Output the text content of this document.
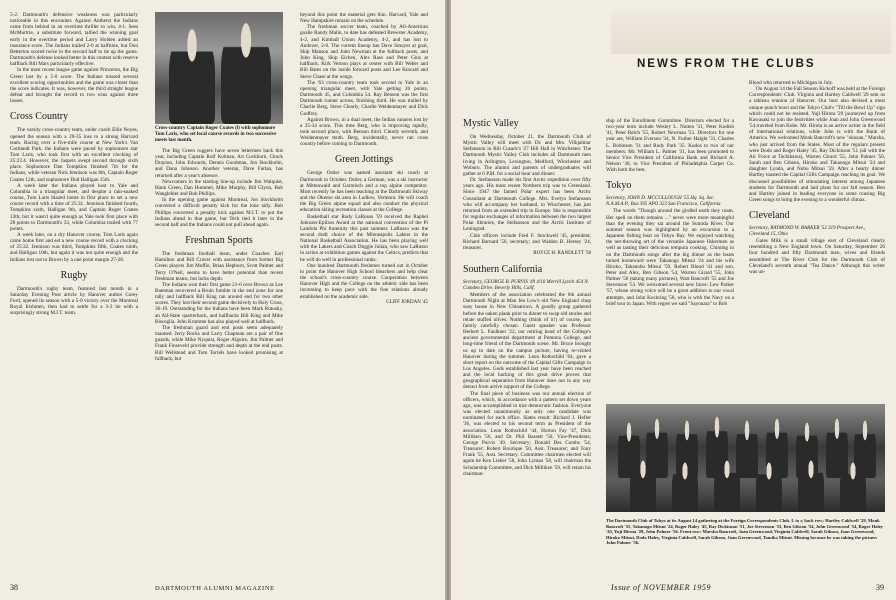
5-2. Dartmouth's defensive weakness was particularly noticeable in this encounter. Against Amherst the Indians came from behind in an overtime thriller to win, 4-1. Sees McMurtrie, a substitute forward, tallied the winning goal early in the overtime period and Larry Holden added an insurance score. The Indians trailed 2-0 at halftime, but Don Betterton scored twice in the second half to tie up the game. Dartmouth's defense looked better in this contest with reserve halfback Bill Mars particularly effective.

In the most recent league game against Princeton, the Big Green lost by a 5-0 score. The Indians missed several excellent scoring opportunities and the game was closer than the score indicates. It was, however, the third straight league defeat and brought the record to two wins against three losses.

Cross Country

The varsity cross-country team, under coach Ellie Noyes, opened the season with a 20-35 loss to a strong Harvard team. Racing over a five-mile course at New York's Van Cortlandt Park, the Indians were paced by sophomore star Tom Laris, who took first with an excellent clocking of 25:23.4. However, the Jaspers swept second through sixth place. Sophomore Dan Tompkins finished 7th for the Indians, while veteran Nick Jennison was 8th, Captain Roger Coates 12th, and sophomore Dud Halligan 15th.

A week later the Indians played host to Yale and Columbia in a triangular meet, and despite a rain-soaked course, Tom Laris blazed home in first place to set a new course record with a time of 25:31. Jennison finished fourth, Tompkins sixth, Halligan 9th, and Captain Roger Coates 13th; but it wasn't quite enough as Yale took first place with 28 points to Dartmouth's 33, while Columbia trailed with 77 points.

A week later, on a dry Hanover course, Tom Laris again came home first and set a new course record with a clocking of 25:32. Jennison was third, Tompkins fifth, Coates ninth, and Halligan 10th, but again it was not quite enough and the Indians lost out to Brown by a one point margin 27-28.

Rugby

Dartmouth's rugby team, featured last month in a Saturday Evening Post article by Hanover author Corey Ford, opened its season with a 5-0 victory over the Montreal Royal Irishmen, then had to settle for a 3-3 tie with a surprisingly strong M.I.T. team.

Cross-country Captain Roger Coates (l) with sophomore Tom Laris, who set local course records in two successive meets last month.

The Big Green ruggers have seven lettermen back this year, including Captain Rolf Kolman, Art Cockburn, Chuck Drayton, John Edwards, Dennis Goodman, Jon Stockholm, and Dana Johnson. Another veteran, Dave Farlan, has returned after a year's absence.

Newcomers in the starting line-up include Jim Walquist, Hank Green, Dan Hummel, Mike Murphy, Bill Glynn, Bob Wanglehler and Bob Phillips.

In the opening game against Montreal, Jon Stockholm converted a difficult penalty kick for the lone tally. Bob Phillips converted a penalty kick against M.I.T. to put the Indians ahead in that game, but Tech tied it later in the second half and the Indians could not pull ahead again.

Freshman Sports

The freshman football team, under Coaches Earl Hamilton and Bill Craver with assistance from former Big Green players Jim Moffie, Brian Hepburn, Scott Palmer and Terry O'Neil, seems to have better potential than recent freshman teams, but lacks depth.

The Indians won their first game 21-6 over Brown as Lee Bateman recovered a Bruin fumble in the end zone for one tally and halfback Bill King ran around end for two other scores. They lost their second game decisively to Holy Cross, 36-19. Outstanding for the Indians have been Mark Rutosky, an All-State quarterback, and halfbacks Bill King and Mike Bisceglia. John Krumme has also played well at halfback.

The freshman guard and end posts seem adequately manned. Jerry Rocks and Larry Chapman are a pair of fine guards, while Mike Nyquist, Roger Alguire, Jim Palmer and Frank Finseveld provide strength and depth at the end posts. Bill Wellstead and Tom Torrels have looked promising at fullback, but

beyond this point the material gets thin. Harvard, Yale and New Hampshire remain on the schedule.

The freshman soccer team, coached by All-American goalie Randy Malin, to date has defeated Brewster Academy, 4-2, and Kimball Union Academy, 4-2, and has lost to Andover, 2-0. The current lineup has Dave Smoyer at goal, Skip Manson and John Newman at the fullback posts, and John King, Skip Eichen, Alex Rass and Peter Gins at halfback. Kirk Vernon plays at center with Bill Weber and Bill Bates on the inside forward posts and Lee Kincaid and Steve Chase at the wings.

The '63 cross-country team took second to Yale in an opening triangular meet, with Yale getting 26 points, Dartmouth 45, and Columbia 54. Ray Benson was the first Dartmouth runner across, finishing third. He was trailed by Charlie Berg, Steve Clearly, Charlie Weidenmayer and Dick Godfrey.

Against Brown, in a dual meet, the Indian runners lost by a 25-34 score. This time Berg, who is improving rapidly, took second place, with Benson third. Clearly seventh, and Weidenmayer tenth. Berg, incidentally, never ran cross country before coming to Dartmouth.

Green Jottings

George Ostler was named assistant ski coach at Dartmouth in October. Ostler, a German, was a ski instructor at Mittenwald and Garmisch and a top alpine competitor. Most recently he has been teaching at the Dartmouth Skiway and the Okemo ski area in Ludlow, Vermont. He will coach the Big Green alpine squad and also conduct the physical education skiing recreation classes at the College.

Basketball star Rudy LaRusso '59 received the Raphel Johnson-Epilion Award at the national convention of the Pi Lambda Phi fraternity this past summer. LaRusso was the second draft choice of the Minneapolis Lakers in the National Basketball Association. He has been playing well with the Lakers and Coach Doggie Julian, who saw LaRusso in action at exhibition games against the Celtics, predicts that he will do well in professional ranks.

One hundred Dartmouth freshmen turned out in October to point the Hanover High School bleachers and help clear the school's cross-country course. Cooperation between Hanover High and the College on the athletic side has been increasing to keep pace with the fine relations already established on the academic side.

CLIFF JORDAN '45

38	DARTMOUTH ALUMNI MAGAZINE
NEWS FROM THE CLUBS
Mystic Valley

On Wednesday, October 21, the Dartmouth Club of Mystic Valley will meet with Dr. and Mrs. Vilhjalmur Stefansson in Bill Cusack's '27 Hill Hall in Winchester. The Dartmouth Mystic Valley Club includes all Dartmouth men living in Arlington, Lexington, Medford, Winchester and Woburn. The alumni and parents of undergraduates will gather at 6 P.M. for a social hour and dinner.

Dr. Stefansson made his first Arctic expedition over fifty years ago. His most recent Northern trip was to Greenland. Since 1947 the famed Polar expert has been Arctic Consultant at Dartmouth College. Mrs. Evelyn Stefansson who will accompany her husband, to Winchester, has just returned from an extended trip to Europe. She is responsible for regular exchanges of information between the two largest Polar libraries, the Stefansson and the Arctic Institute of Leningrad.

Club officers include Fred F. Stockwell '45, president; Richard Barnard '50, secretary; and Waldon B. Hersey '24, treasurer.

ROYCE H. RANDLETT '58

Southern California

Secretary, GEORGE B. PURVIS '49 4/10 Merrill Lynch 454 N. Camden Drive, Beverly Hills, Calif.

Members of the association celebrated the 6th annual Dartmouth Night at Man Jen Low's old New England chop suey house in New Chinatown. A goodly group gathered before the oaken plank prior to dinner to swap old stories and relate stuffed olives. Nothing (think of it!) of course, just family carefully chosen. Guest speaker was Professor Herbert L. Faulkner '22, our retiring head of the College's ancient governmental department at Pomona College, and long-time friend of the Dartmouth scene. Mr. Bruce brought us up to date on the campus picture, having re-visited Hanover during the summer. Leon Rothschild '64, gave a short report on the outcome of the Capital Gifts Campaign in Los Angeles. Gods established last year have been reached and the local backing of this great drive proves that geographical separation from Hanover does not in any way detract from active support of the College.

The final piece of business was our annual election of officers, which, in accordance with a pattern set down years ago, was accomplished in true democratic fashion. Everyone was elected unanimously as only one candidate was nominated for each office. Slates result: Richard J. Hefler '36, was elected to his second term as President of the association. Leon Rothschild '44, Horton Fay '47, Dick Milliken '56, and Dr. Phil Bassett '50, Vice-Presidents; George Purvis '49, Secretary; Donald Des Combs '54, Treasurer; Robert Bourique '50, Asst. Treasurer; and Tony Frank '55, Asst. Secretary. Committee chairmen elected will again be Ken Lieber '58, John Lyman '58, will chairman the Scholarship Committee, and Dick Milliken '59, will retain his chairman-

ship of the Enrollment Committee. Directors elected for a two-year term include Wesley L. Nutten '31, Peter Kodish '41, Peter Reich '55, Robert Newman '53. Directors for one year are, William Everson '34, N. Furber Haight '31, Charles L. Robinson '31 and Rudy Park '35. Kudos to two of our members: Mr. William L. Palmer '31, has been promoted to Senior Vice President of California Bank and Richard A. Nelson '38, to Vice President of Philadelphia Carpet Co. Wish both the best.

Tokyo

Secretary, JOHN D. MCCULLOUGH '55 Hq. Sq. Sec. N.A.M.A.P., Box 395 APO 323 San Francisco, California

The words "Though around the girdled earth they roam. Her spell on them remains ..." never were more meaningful than the evening they sat around the Sumida River. Our summer season was highlighted by an excursion to a Japanese fishing boat on Tokyo Bay. We enjoyed watching the net-throwing art of the versatile Japanese fishermen as well as tasting their delicious tempura cooking. Chiming in on the Dartmouth songs after the big dinner as the boats turned homeward were Takanogo Mitsui '24 and his wife Hiroko, Takanobu Mitsui '59, Robert Blood '41 and son, Peter and Alex, Ben Gibson '54, Warren Girard '55, John Palmer '56 (taking many pictures), Watt Bancroft '55 and Joe Stevenson '53. We welcomed several new faces: Lew Parker '57, whose strong voice will be a great addition to our vocal attempts, and John Kochring '58, who is with the Navy on a brief tour in Japan. With regret we said "Sayonara" to Bob

Blood who returned to Michigan in July.

On August 14 the Fall Season Kickoff was held at the Foreign Correspondents' Club. Virginia and Hartley Caldwell '29 sent us a tableau reunion of Hanover. Our host also devised a most unique punch bowl and the Tokyo Club's "Till the Bowl Up" sign which could not be resisted. Yuji Hirota '29 journeyed up from Kawasaki to join the festivities while Joan and John Greenwood '54 traveled from Kobe. Mr. Hirota is an active writer in the field of international relations, while John is with the Bank of America. We welcomed Monk Bancroft's new "okusan," Marsha, who just arrived from the States. Most of the regulars present were Dodo and Roger Haley '45, Ray Dickinson '51 (all with the Air Force at Tachikawa), Warren Girard '55, John Palmer '56, Sarah and Ben Gibson, Hiroko and Takanogo Mitsui '24 and daughter Lynda, and Nobu Mitsui '59. After a hearty dinner Hartley toasted the Capital Gifts Campaign reaching its goal. We discussed possibilities of stimulating interest among Japanese students for Dartmouth and laid plans for our fall season. Ben and Hartley joined in leading everyone in some rousing Big Green songs to bring the evening to a wonderful climax.

Cleveland

Secretary, RAYMOND W. BARKER '52 319 Prospect Ave., Cleveland 15, Ohio

Gates Milk is a small village east of Cleveland clearly resembling a New England town. On Saturday, September 26 four hundred and fifty Dartmouth men, wives and friends assembled at The River Club for the Dartmouth Club of Cleveland's seventh annual "Tea Dance." Although this writer was un-

The Dartmouth Club of Tokyo at its August 14 gathering at the Foreign Correspondents Club. L to r, back row: Hartley Caldwell '29, Monk Bancroft '55, Takanogo Mitsui '24, Roger Haley '45, Ray Dickinson '51, Joe Stevenson '53, Ben Gibson '54, John Greenwood '54, Roger Haley '45, Yuji Hirota '29, John Palmer '56. Front row: Marsha Bancroft, Joan Greenwood, Virginia Caldwell, Sarah Gibson, Joan Greenwood, Hiroko Mitsui, Dodo Haley, Virginia Caldwell, Sarah Gibson, Joan Greenwood, Tamiko Mitsui. Missing because he was taking the picture: John Palmer '56.
Issue of NOVEMBER 1959	39
